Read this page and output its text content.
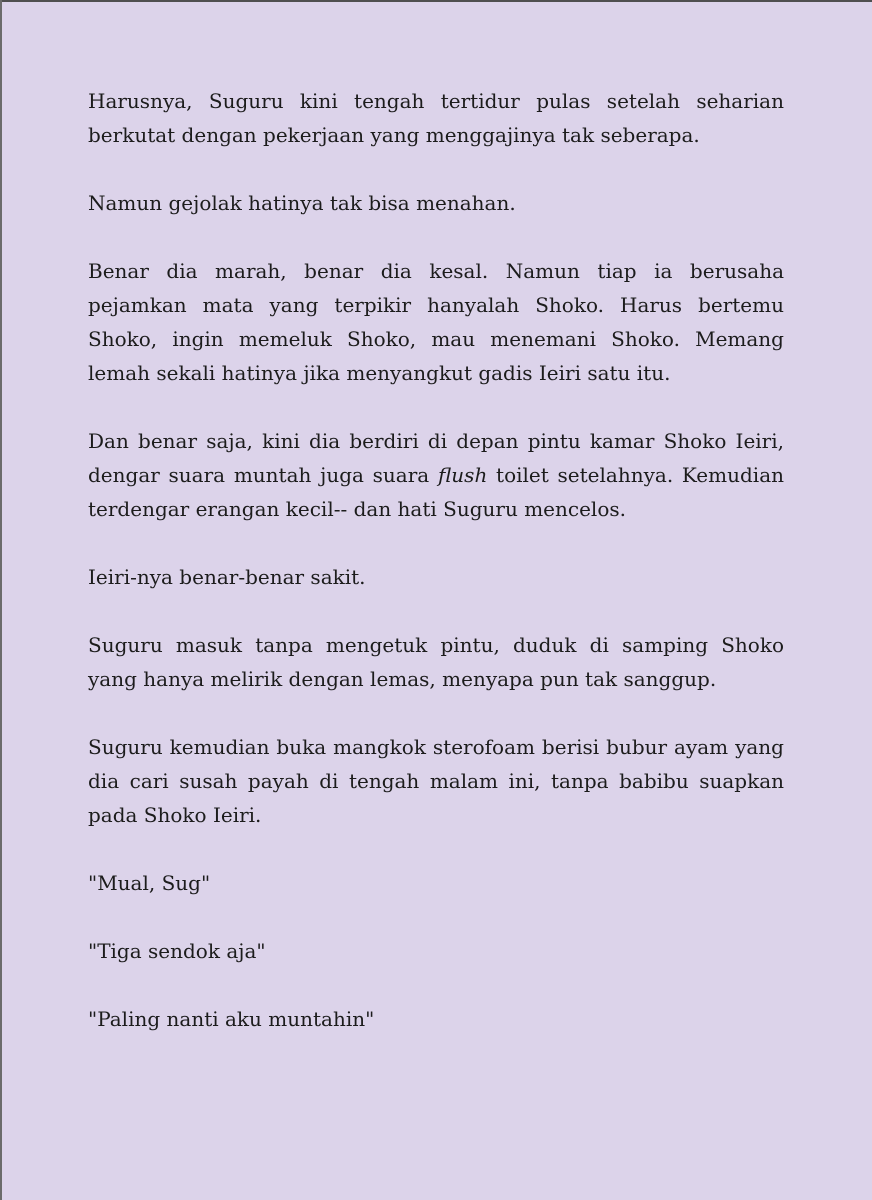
Harusnya, Suguru kini tengah tertidur pulas setelah seharian berkutat dengan pekerjaan yang menggajinya tak seberapa.

Namun gejolak hatinya tak bisa menahan.

Benar dia marah, benar dia kesal. Namun tiap ia berusaha pejamkan mata yang terpikir hanyalah Shoko. Harus bertemu Shoko, ingin memeluk Shoko, mau menemani Shoko. Memang lemah sekali hatinya jika menyangkut gadis Ieiri satu itu.

Dan benar saja, kini dia berdiri di depan pintu kamar Shoko Ieiri, dengar suara muntah juga suara flush toilet setelahnya. Kemudian terdengar erangan kecil-- dan hati Suguru mencelos.

Ieiri-nya benar-benar sakit.

Suguru masuk tanpa mengetuk pintu, duduk di samping Shoko yang hanya melirik dengan lemas, menyapa pun tak sanggup.

Suguru kemudian buka mangkok sterofoam berisi bubur ayam yang dia cari susah payah di tengah malam ini, tanpa babibu suapkan pada Shoko Ieiri.

"Mual, Sug"

"Tiga sendok aja"

"Paling nanti aku muntahin"
